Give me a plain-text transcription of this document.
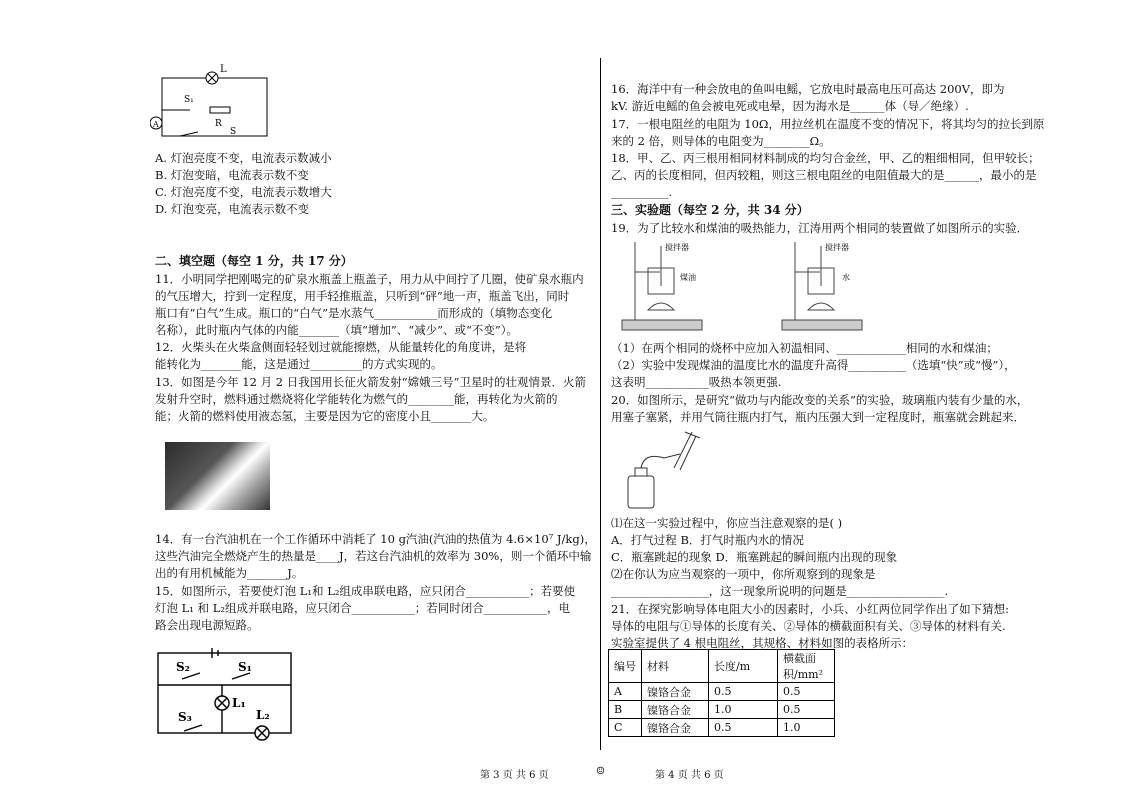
L
S₁
R
S
A
A. 灯泡亮度不变，电流表示数减小
B. 灯泡变暗，电流表示数不变
C. 灯泡亮度不变，电流表示数增大
D. 灯泡变亮，电流表示数不变
二、填空题（每空 1 分，共 17 分）
11．小明同学把刚喝完的矿泉水瓶盖上瓶盖子，用力从中间拧了几圈，使矿泉水瓶内
的气压增大，拧到一定程度，用手轻推瓶盖，只听到“砰”地一声，瓶盖飞出，同时
瓶口有“白气”生成。瓶口的“白气”是水蒸气___________而形成的（填物态变化
名称），此时瓶内气体的内能_______（填“增加”、“减少”、或“不变”）。
12．火柴头在火柴盒侧面轻轻划过就能擦燃，从能量转化的角度讲，是将
能转化为_______能，这是通过_________的方式实现的。
13．如图是今年 12 月 2 日我国用长征火箭发射“嫦娥三号”卫星时的壮观情景．火箭
发射升空时，燃料通过燃烧将化学能转化为燃气的________能，再转化为火箭的
能；火箭的燃料使用液态氢，主要是因为它的密度小且_______大。
14．有一台汽油机在一个工作循环中消耗了 10 g汽油(汽油的热值为 4.6×10⁷ J/kg)，
这些汽油完全燃烧产生的热量是____J，若这台汽油机的效率为 30%，则一个循环中输
出的有用机械能为_______J。
15．如图所示，若要使灯泡 L₁和 L₂组成串联电路，应只闭合___________；若要使
灯泡 L₁ 和 L₂组成并联电路，应只闭合___________；若同时闭合___________，电
路会出现电源短路。
S₂	S₁
L₁
S₃	L₂
16．海洋中有一种会放电的鱼叫电鳐，它放电时最高电压可高达 200V，即为
kV. 游近电鳐的鱼会被电死或电晕，因为海水是______体（导／绝缘）.
17．一根电阻丝的电阻为 10Ω，用拉丝机在温度不变的情况下，将其均匀的拉长到原
来的 2 倍，则导体的电阻变为________Ω。
18．甲、乙、丙三根用相同材料制成的均匀合金丝，甲、乙的粗细相同，但甲较长；
乙、丙的长度相同，但丙较粗，则这三根电阻丝的电阻值最大的是______，最小的是
__________.
三、实验题（每空 2 分，共 34 分）
19．为了比较水和煤油的吸热能力，江涛用两个相同的装置做了如图所示的实验．
搅拌器
煤油
搅拌器
水
（1）在两个相同的烧杯中应加入初温相同、____________相同的水和煤油；
（2）实验中发现煤油的温度比水的温度升高得__________（选填“快”或“慢”），
这表明___________吸热本领更强.
20．如图所示，是研究“做功与内能改变的关系”的实验，玻璃瓶内装有少量的水，
用塞子塞紧，并用气筒往瓶内打气，瓶内压强大到一定程度时，瓶塞就会跳起来．
⑴在这一实验过程中，你应当注意观察的是( )
A．打气过程 B．打气时瓶内水的情况
C．瓶塞跳起的现象 D．瓶塞跳起的瞬间瓶内出现的现象
⑵在你认为应当观察的一项中，你所观察到的现象是
_________________，这一现象所说明的问题是_________________.
21．在探究影响导体电阻大小的因素时，小兵、小红两位同学作出了如下猜想:
导体的电阻与①导体的长度有关、②导体的横截面积有关、③导体的材料有关.
实验室提供了 4 根电阻丝，其规格、材料如图的表格所示：
编号	材料	长度/m	横截面积/mm²
A	镍铬合金	0.5	0.5
B	镍铬合金	1.0	0.5
C	镍铬合金	0.5	1.0
第 3 页 共 6 页	☺	第 4 页 共 6 页
